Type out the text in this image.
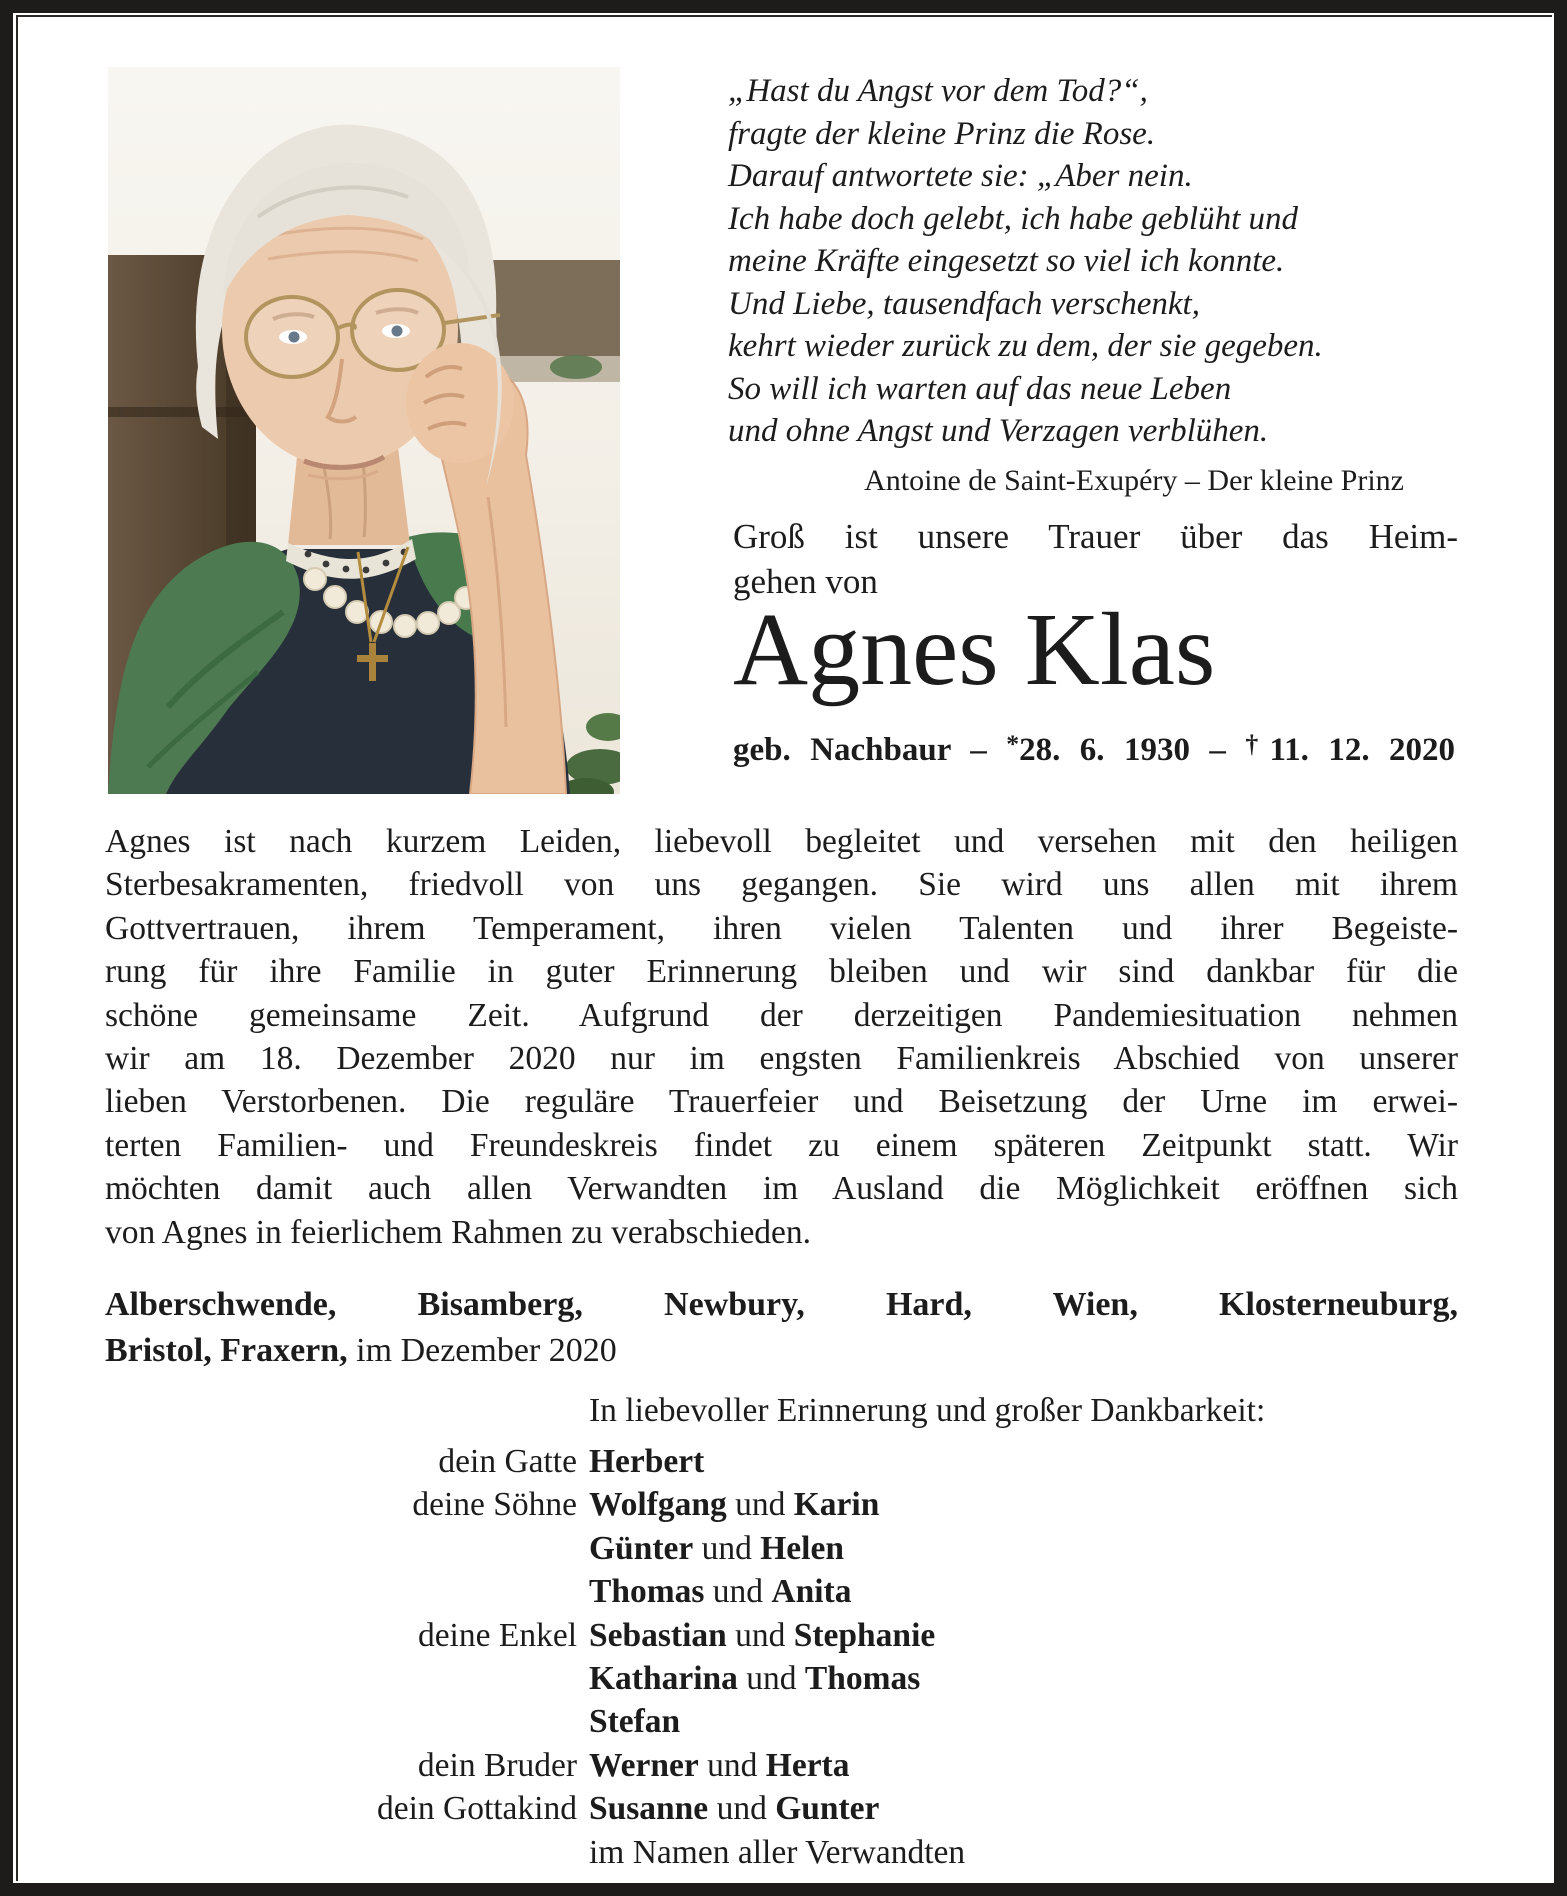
„Hast du Angst vor dem Tod?“,
fragte der kleine Prinz die Rose.
Darauf antwortete sie: „Aber nein.
Ich habe doch gelebt, ich habe geblüht und
meine Kräfte eingesetzt so viel ich konnte.
Und Liebe, tausendfach verschenkt,
kehrt wieder zurück zu dem, der sie gegeben.
So will ich warten auf das neue Leben
und ohne Angst und Verzagen verblühen.
Antoine de Saint-Exupéry – Der kleine Prinz
Groß ist unsere Trauer über das Heim-
gehen von
Agnes Klas
geb. Nachbaur – *28. 6. 1930 – †11. 12. 2020
Agnes ist nach kurzem Leiden, liebevoll begleitet und versehen mit den heiligen
Sterbesakramenten, friedvoll von uns gegangen. Sie wird uns allen mit ihrem
Gottvertrauen, ihrem Temperament, ihren vielen Talenten und ihrer Begeiste-
rung für ihre Familie in guter Erinnerung bleiben und wir sind dankbar für die
schöne gemeinsame Zeit. Aufgrund der derzeitigen Pandemiesituation nehmen
wir am 18. Dezember 2020 nur im engsten Familienkreis Abschied von unserer
lieben Verstorbenen. Die reguläre Trauerfeier und Beisetzung der Urne im erwei-
terten Familien- und Freundeskreis findet zu einem späteren Zeitpunkt statt. Wir
möchten damit auch allen Verwandten im Ausland die Möglichkeit eröffnen sich
von Agnes in feierlichem Rahmen zu verabschieden.
Alberschwende, Bisamberg, Newbury, Hard, Wien, Klosterneuburg,
Bristol, Fraxern, im Dezember 2020
In liebevoller Erinnerung und großer Dankbarkeit:
dein Gatte Herbert
deine Söhne Wolfgang und Karin
Günter und Helen
Thomas und Anita
deine Enkel Sebastian und Stephanie
Katharina und Thomas
Stefan
dein Bruder Werner und Herta
dein Gottakind Susanne und Gunter
im Namen aller Verwandten
